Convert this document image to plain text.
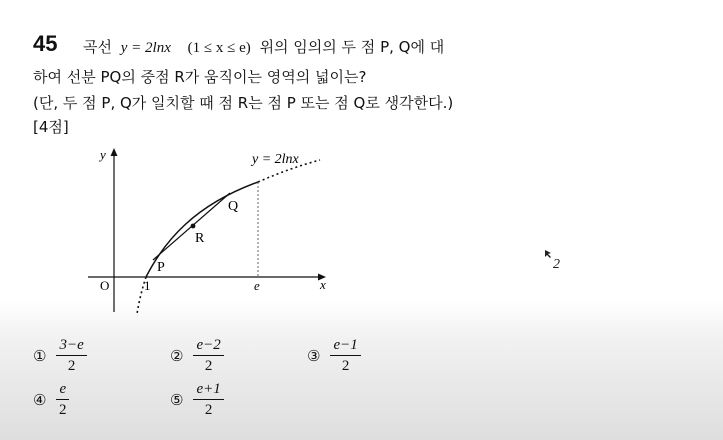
45 곡선 y = 2lnx (1 ≤ x ≤ e) 위의 임의의 두 점 P, Q에 대
하여 선분 PQ의 중점 R가 움직이는 영역의 넓이는?
(단, 두 점 P, Q가 일치할 때 점 R는 점 P 또는 점 Q로 생각한다.)
[4점]
y = 2lnx
y
x
O	1	e
P
Q
R
2
① $\frac{3-e}{2}$	② $\frac{e-2}{2}$	③ $\frac{e-1}{2}$
④ $\frac{e}{2}$	⑤ $\frac{e+1}{2}$
